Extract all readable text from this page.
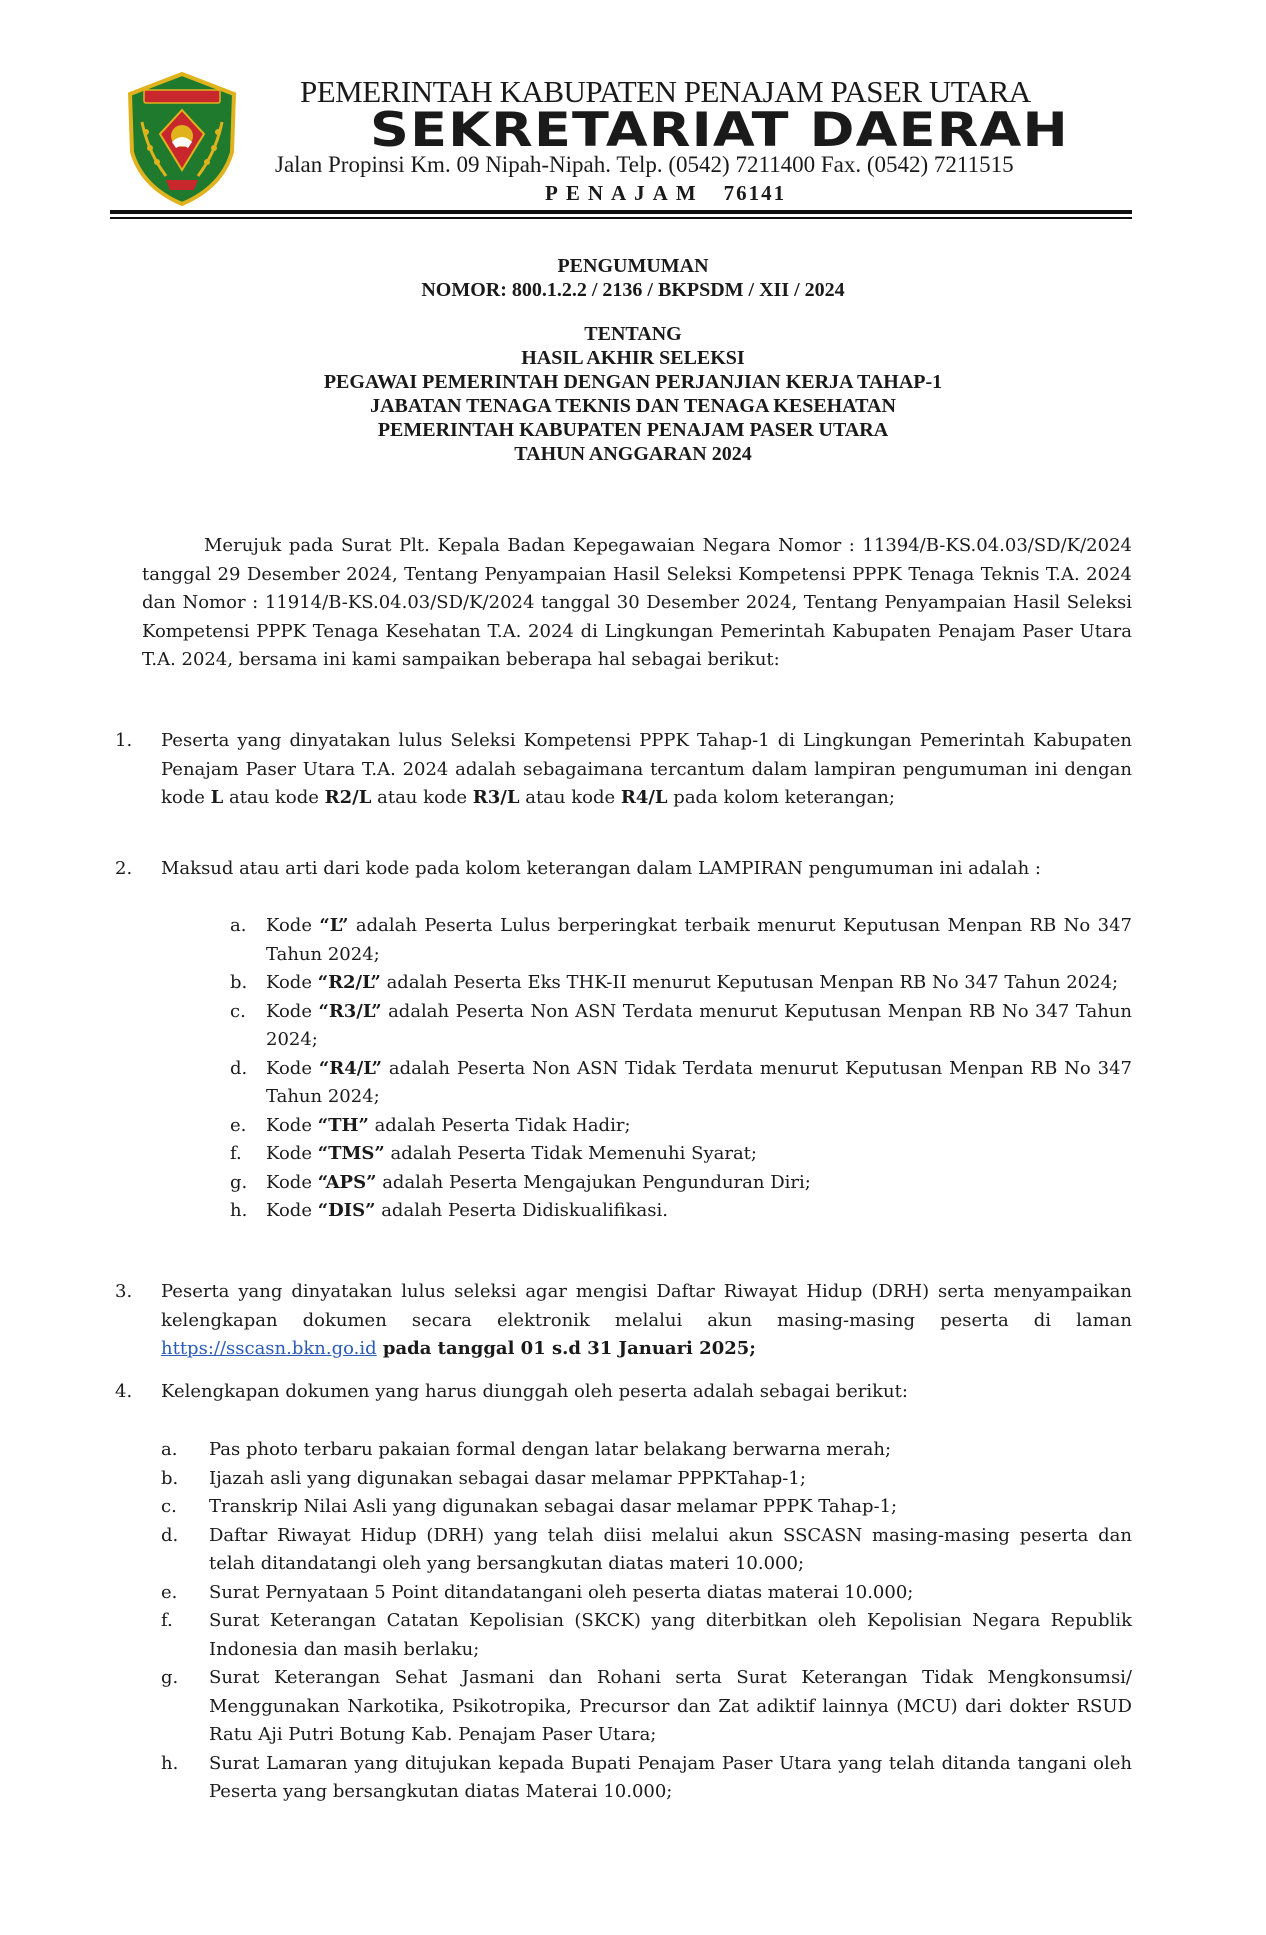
PEMERINTAH KABUPATEN PENAJAM PASER UTARA
SEKRETARIAT DAERAH
Jalan Propinsi Km. 09 Nipah-Nipah. Telp. (0542) 7211400 Fax. (0542) 7211515
PENAJAM 76141
PENGUMUMAN
NOMOR: 800.1.2.2 / 2136 / BKPSDM / XII / 2024
TENTANG
HASIL AKHIR SELEKSI
PEGAWAI PEMERINTAH DENGAN PERJANJIAN KERJA TAHAP-1
JABATAN TENAGA TEKNIS DAN TENAGA KESEHATAN
PEMERINTAH KABUPATEN PENAJAM PASER UTARA
TAHUN ANGGARAN 2024
Merujuk pada Surat Plt. Kepala Badan Kepegawaian Negara Nomor : 11394/B-KS.04.03/SD/K/2024 tanggal 29 Desember 2024, Tentang Penyampaian Hasil Seleksi Kompetensi PPPK Tenaga Teknis T.A. 2024 dan Nomor : 11914/B-KS.04.03/SD/K/2024 tanggal 30 Desember 2024, Tentang Penyampaian Hasil Seleksi Kompetensi PPPK Tenaga Kesehatan T.A. 2024 di Lingkungan Pemerintah Kabupaten Penajam Paser Utara T.A. 2024, bersama ini kami sampaikan beberapa hal sebagai berikut:
1. Peserta yang dinyatakan lulus Seleksi Kompetensi PPPK Tahap-1 di Lingkungan Pemerintah Kabupaten Penajam Paser Utara T.A. 2024 adalah sebagaimana tercantum dalam lampiran pengumuman ini dengan kode L atau kode R2/L atau kode R3/L atau kode R4/L pada kolom keterangan;
2. Maksud atau arti dari kode pada kolom keterangan dalam LAMPIRAN pengumuman ini adalah :
a. Kode “L” adalah Peserta Lulus berperingkat terbaik menurut Keputusan Menpan RB No 347 Tahun 2024;
b. Kode “R2/L” adalah Peserta Eks THK-II menurut Keputusan Menpan RB No 347 Tahun 2024;
c. Kode “R3/L” adalah Peserta Non ASN Terdata menurut Keputusan Menpan RB No 347 Tahun 2024;
d. Kode “R4/L” adalah Peserta Non ASN Tidak Terdata menurut Keputusan Menpan RB No 347 Tahun 2024;
e. Kode “TH” adalah Peserta Tidak Hadir;
f. Kode “TMS” adalah Peserta Tidak Memenuhi Syarat;
g. Kode “APS” adalah Peserta Mengajukan Pengunduran Diri;
h. Kode “DIS” adalah Peserta Didiskualifikasi.
3. Peserta yang dinyatakan lulus seleksi agar mengisi Daftar Riwayat Hidup (DRH) serta menyampaikan kelengkapan dokumen secara elektronik melalui akun masing-masing peserta di laman https://sscasn.bkn.go.id pada tanggal 01 s.d 31 Januari 2025;
4. Kelengkapan dokumen yang harus diunggah oleh peserta adalah sebagai berikut:
a. Pas photo terbaru pakaian formal dengan latar belakang berwarna merah;
b. Ijazah asli yang digunakan sebagai dasar melamar PPPKTahap-1;
c. Transkrip Nilai Asli yang digunakan sebagai dasar melamar PPPK Tahap-1;
d. Daftar Riwayat Hidup (DRH) yang telah diisi melalui akun SSCASN masing-masing peserta dan telah ditandatangi oleh yang bersangkutan diatas materi 10.000;
e. Surat Pernyataan 5 Point ditandatangani oleh peserta diatas materai 10.000;
f. Surat Keterangan Catatan Kepolisian (SKCK) yang diterbitkan oleh Kepolisian Negara Republik Indonesia dan masih berlaku;
g. Surat Keterangan Sehat Jasmani dan Rohani serta Surat Keterangan Tidak Mengkonsumsi/ Menggunakan Narkotika, Psikotropika, Precursor dan Zat adiktif lainnya (MCU) dari dokter RSUD Ratu Aji Putri Botung Kab. Penajam Paser Utara;
h. Surat Lamaran yang ditujukan kepada Bupati Penajam Paser Utara yang telah ditanda tangani oleh Peserta yang bersangkutan diatas Materai 10.000;
